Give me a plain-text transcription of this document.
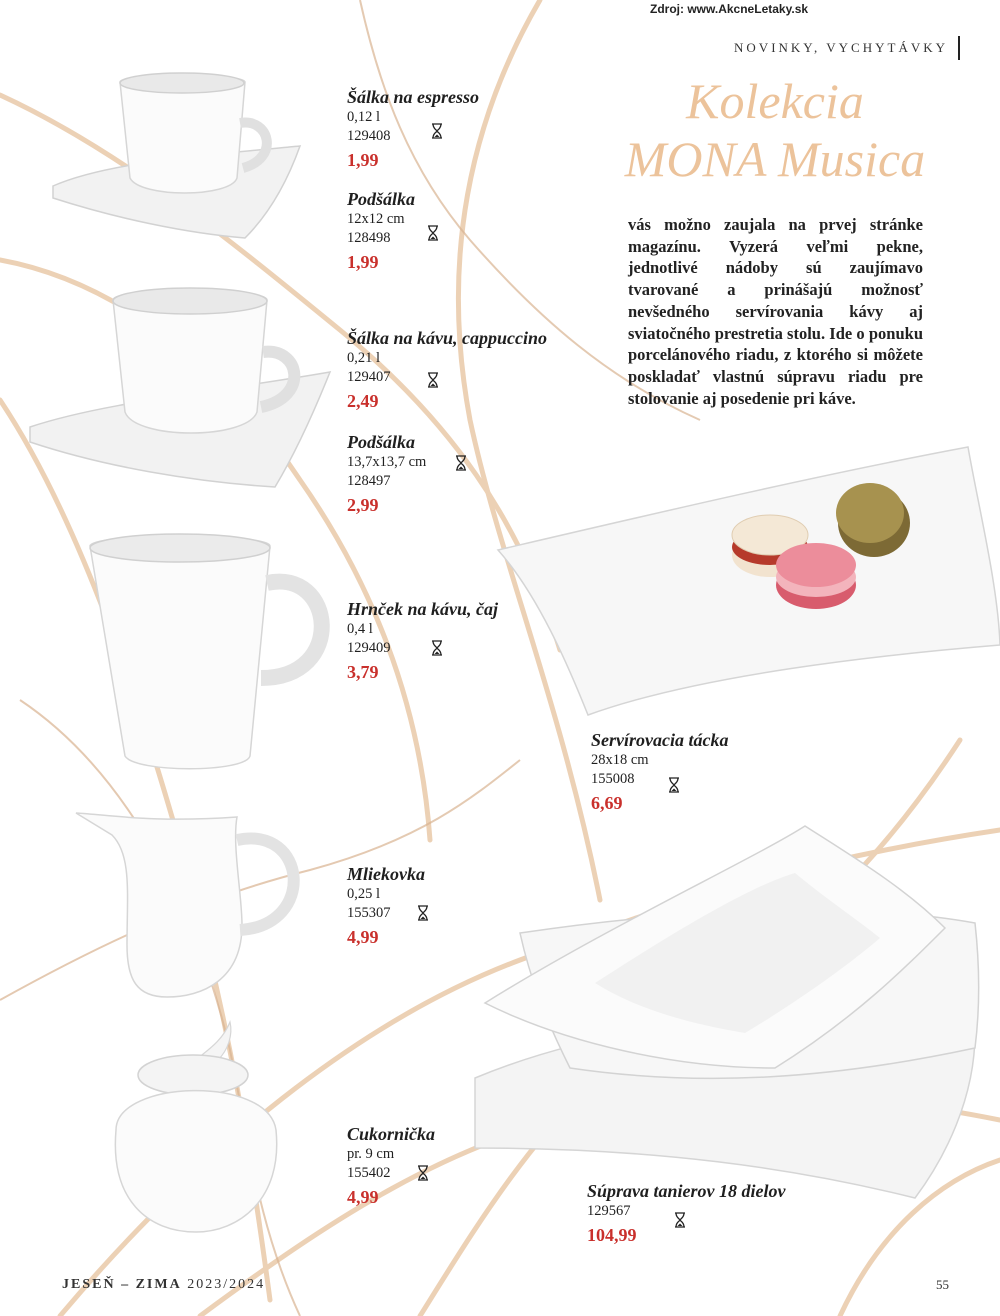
Zdroj: www.AkcneLetaky.sk
NOVINKY, VYCHYTÁVKY
Kolekcia
MONA Musica
vás možno zaujala na prvej stránke magazínu. Vyzerá veľmi pekne, jednotlivé nádoby sú zaujímavo tvarované a prinášajú možnosť nevšedného servírovania kávy aj sviatočného prestretia stolu. Ide o ponuku porcelánového riadu, z ktorého si môžete poskladať vlastnú súpravu riadu pre stolovanie aj posedenie pri káve.
Šálka na espresso
0,12 l
129408
1,99
Podšálka
12x12 cm
128498
1,99
Šálka na kávu, cappuccino
0,21 l
129407
2,49
Podšálka
13,7x13,7 cm
128497
2,99
Hrnček na kávu, čaj
0,4 l
129409
3,79
Servírovacia tácka
28x18 cm
155008
6,69
Mliekovka
0,25 l
155307
4,99
Cukornička
pr. 9 cm
155402
4,99	Súprava tanierov 18 dielov
129567
104,99
JESEŇ – ZIMA 2023/2024	55
